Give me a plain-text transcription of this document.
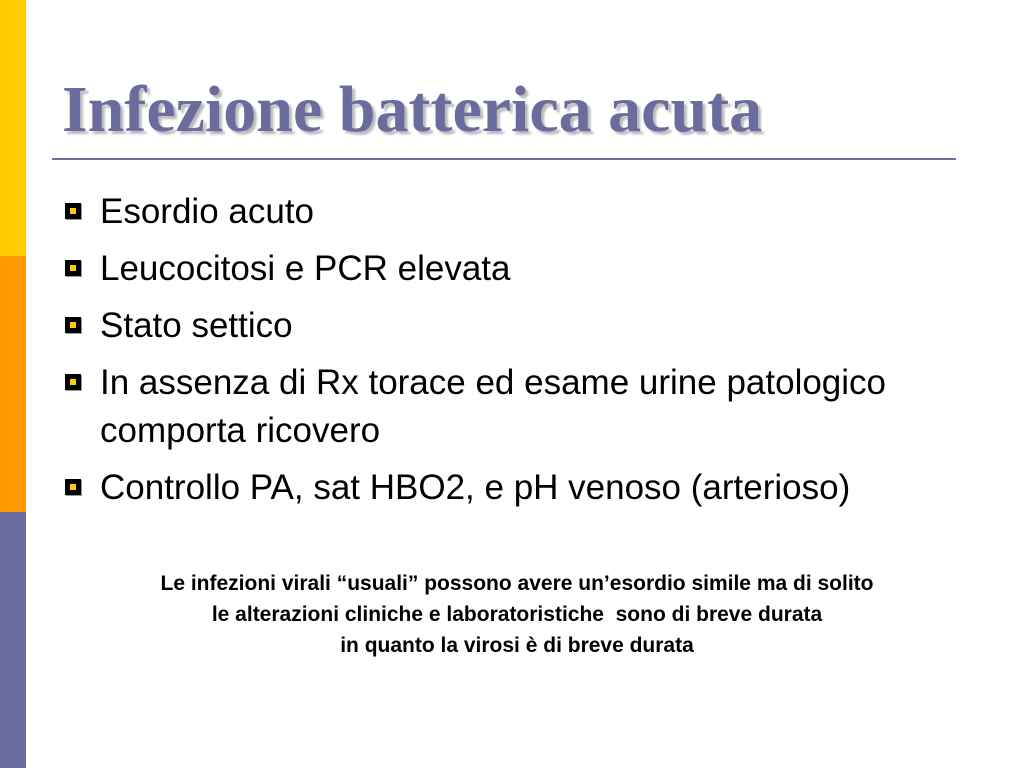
Infezione batterica acuta
Esordio acuto
Leucocitosi e PCR elevata
Stato settico
In assenza di Rx torace ed esame urine patologico comporta ricovero
Controllo PA, sat HBO2, e pH venoso (arterioso)
Le infezioni virali “usuali” possono avere un’esordio simile ma di solito
le alterazioni cliniche e laboratoristiche  sono di breve durata
in quanto la virosi è di breve durata
